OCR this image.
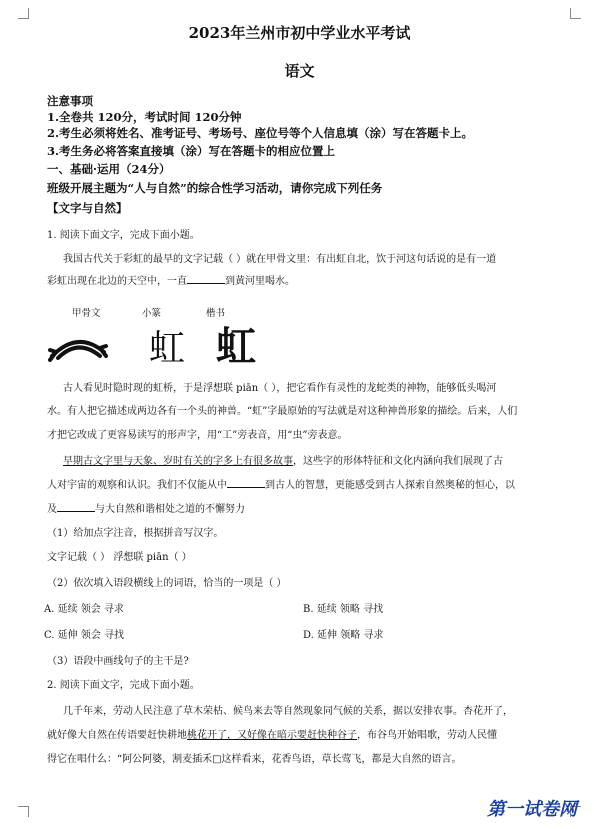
2023年兰州市初中学业水平考试
语文
注意事项
1.全卷共 120分，考试时间 120分钟
2.考生必须将姓名、准考证号、考场号、座位号等个人信息填（涂）写在答题卡上。
3.考生务必将答案直接填（涂）写在答题卡的相应位置上
一、基础·运用（24分）
班级开展主题为“人与自然”的综合性学习活动，请你完成下列任务
【文字与自然】
1. 阅读下面文字，完成下面小题。
我国古代关于彩虹的最早的文字记载（ ）就在甲骨文里：有出虹自北，饮于河这句话说的是有一道
彩虹出现在北边的天空中，一直	到黄河里喝水。
甲骨文	小篆	楷书
虹 虹
古人看见时隐时现的虹桥，于是浮想联 piān（ ），把它看作有灵性的龙蛇类的神物，能够低头喝河
水。有人把它描述成两边各有一个头的神兽。“虹”字最原始的写法就是对这种神兽形象的描绘。后来，人们
才把它改成了更容易读写的形声字，用“工”旁表音，用“虫”旁表意。
早期古文字里与天象、岁时有关的字多上有很多故事，这些字的形体特征和文化内涵向我们展现了古
人对宇宙的观察和认识。我们不仅能从中	到古人的智慧，更能感受到古人探索自然奥秘的恒心，以
及	与大自然和谐相处之道的不懈努力
（1）给加点字注音，根据拼音写汉字。
文字记载（ ） 浮想联 piān（ ）
（2）依次填入语段横线上的词语，恰当的一项是（ ）
A. 延续 领会 寻求	B. 延续 领略 寻找
C. 延伸 领会 寻找	D. 延伸 领略 寻求
（3）语段中画线句子的主干是?
2. 阅读下面文字，完成下面小题。
几千年来，劳动人民注意了草木荣枯、候鸟来去等自然现象同气候的关系，据以安排农事。杏花开了，
就好像大自然在传语要赶快耕地桃花开了，又好像在暗示要赶快种谷子，布谷鸟开始唱歌，劳动人民懂
得它在唱什么：“阿公阿婆，割麦插禾□这样看来，花香鸟语，草长莺飞，都是大自然的语言。
第一试卷网
